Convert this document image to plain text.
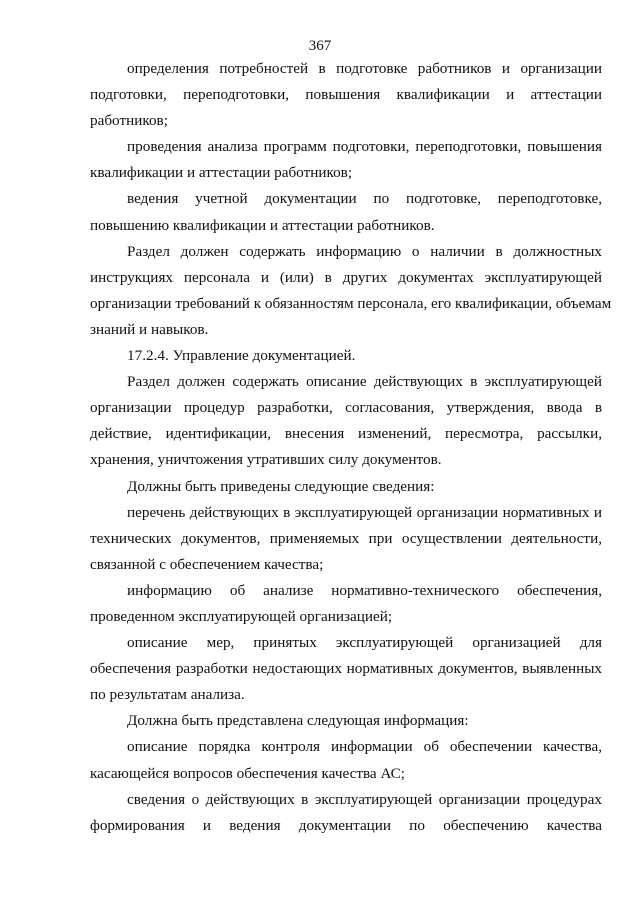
367
определения потребностей в подготовке работников и организации
подготовки, переподготовки, повышения квалификации и аттестации
работников;
проведения анализа программ подготовки, переподготовки, повышения
квалификации и аттестации работников;
ведения учетной документации по подготовке, переподготовке,
повышению квалификации и аттестации работников.
Раздел должен содержать информацию о наличии в должностных
инструкциях персонала и (или) в других документах эксплуатирующей
организации требований к обязанностям персонала, его квалификации, объемам
знаний и навыков.
17.2.4. Управление документацией.
Раздел должен содержать описание действующих в эксплуатирующей
организации процедур разработки, согласования, утверждения, ввода в
действие, идентификации, внесения изменений, пересмотра, рассылки,
хранения, уничтожения утративших силу документов.
Должны быть приведены следующие сведения:
перечень действующих в эксплуатирующей организации нормативных и
технических документов, применяемых при осуществлении деятельности,
связанной с обеспечением качества;
информацию об анализе нормативно-технического обеспечения,
проведенном эксплуатирующей организацией;
описание мер, принятых эксплуатирующей организацией для
обеспечения разработки недостающих нормативных документов, выявленных
по результатам анализа.
Должна быть представлена следующая информация:
описание порядка контроля информации об обеспечении качества,
касающейся вопросов обеспечения качества АС;
сведения о действующих в эксплуатирующей организации процедурах
формирования и ведения документации по обеспечению качества
